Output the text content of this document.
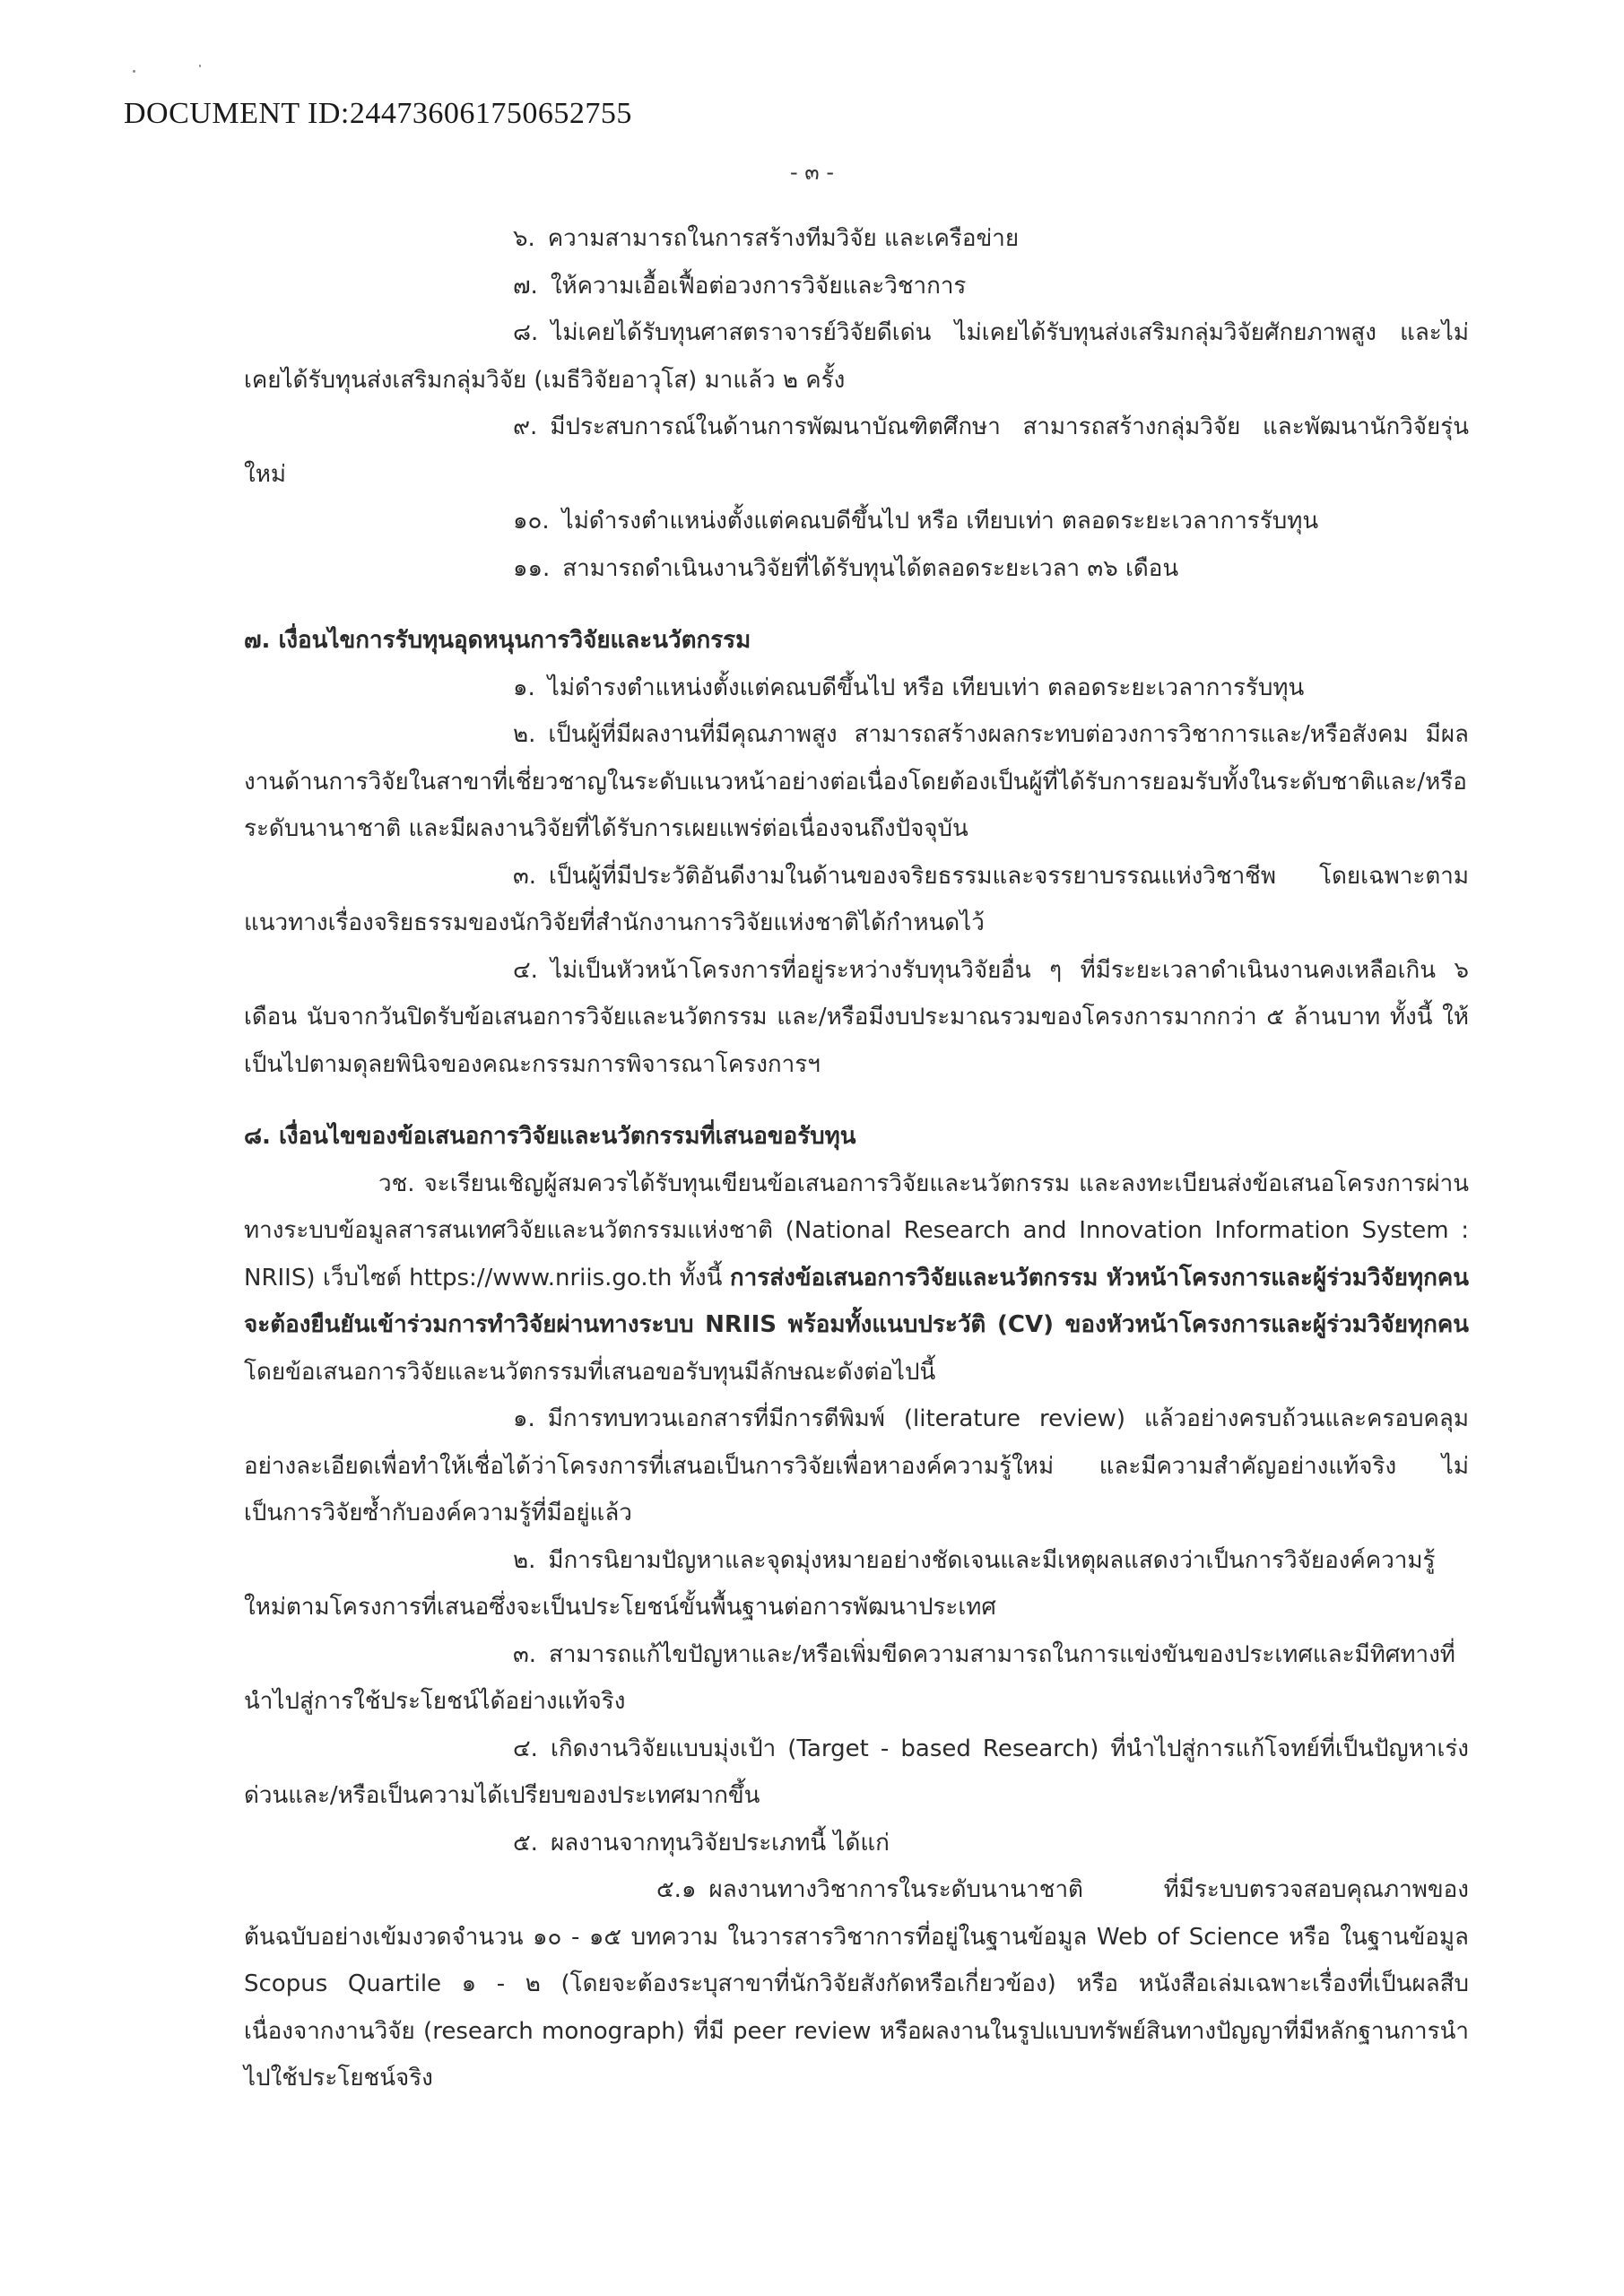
DOCUMENT ID:244736061750652755
- ๓ -

๖. ความสามารถในการสร้างทีมวิจัย และเครือข่าย

๗. ให้ความเอื้อเฟื้อต่อวงการวิจัยและวิชาการ

๘. ไม่เคยได้รับทุนศาสตราจารย์วิจัยดีเด่น ไม่เคยได้รับทุนส่งเสริมกลุ่มวิจัยศักยภาพสูง และไม่เคยได้รับทุนส่งเสริมกลุ่มวิจัย (เมธีวิจัยอาวุโส) มาแล้ว ๒ ครั้ง

๙. มีประสบการณ์ในด้านการพัฒนาบัณฑิตศึกษา สามารถสร้างกลุ่มวิจัย และพัฒนานักวิจัยรุ่นใหม่

๑๐. ไม่ดำรงตำแหน่งตั้งแต่คณบดีขึ้นไป หรือ เทียบเท่า ตลอดระยะเวลาการรับทุน

๑๑. สามารถดำเนินงานวิจัยที่ได้รับทุนได้ตลอดระยะเวลา ๓๖ เดือน

๗. เงื่อนไขการรับทุนอุดหนุนการวิจัยและนวัตกรรม

๑. ไม่ดำรงตำแหน่งตั้งแต่คณบดีขึ้นไป หรือ เทียบเท่า ตลอดระยะเวลาการรับทุน

๒. เป็นผู้ที่มีผลงานที่มีคุณภาพสูง สามารถสร้างผลกระทบต่อวงการวิชาการและ/หรือสังคม มีผลงานด้านการวิจัยในสาขาที่เชี่ยวชาญในระดับแนวหน้าอย่างต่อเนื่องโดยต้องเป็นผู้ที่ได้รับการยอมรับทั้งในระดับชาติและ/หรือระดับนานาชาติ และมีผลงานวิจัยที่ได้รับการเผยแพร่ต่อเนื่องจนถึงปัจจุบัน

๓. เป็นผู้ที่มีประวัติอันดีงามในด้านของจริยธรรมและจรรยาบรรณแห่งวิชาชีพ โดยเฉพาะตามแนวทางเรื่องจริยธรรมของนักวิจัยที่สำนักงานการวิจัยแห่งชาติได้กำหนดไว้

๔. ไม่เป็นหัวหน้าโครงการที่อยู่ระหว่างรับทุนวิจัยอื่น ๆ ที่มีระยะเวลาดำเนินงานคงเหลือเกิน ๖ เดือน นับจากวันปิดรับข้อเสนอการวิจัยและนวัตกรรม และ/หรือมีงบประมาณรวมของโครงการมากกว่า ๕ ล้านบาท ทั้งนี้ ให้เป็นไปตามดุลยพินิจของคณะกรรมการพิจารณาโครงการฯ

๘. เงื่อนไขของข้อเสนอการวิจัยและนวัตกรรมที่เสนอขอรับทุน

วช. จะเรียนเชิญผู้สมควรได้รับทุนเขียนข้อเสนอการวิจัยและนวัตกรรม และลงทะเบียนส่งข้อเสนอโครงการผ่านทางระบบข้อมูลสารสนเทศวิจัยและนวัตกรรมแห่งชาติ (National Research and Innovation Information System : NRIIS) เว็บไซต์ https://www.nriis.go.th ทั้งนี้ การส่งข้อเสนอการวิจัยและนวัตกรรม หัวหน้าโครงการและผู้ร่วมวิจัยทุกคน จะต้องยืนยันเข้าร่วมการทำวิจัยผ่านทางระบบ NRIIS พร้อมทั้งแนบประวัติ (CV) ของหัวหน้าโครงการและผู้ร่วมวิจัยทุกคน โดยข้อเสนอการวิจัยและนวัตกรรมที่เสนอขอรับทุนมีลักษณะดังต่อไปนี้

๑. มีการทบทวนเอกสารที่มีการตีพิมพ์ (literature review) แล้วอย่างครบถ้วนและครอบคลุมอย่างละเอียดเพื่อทำให้เชื่อได้ว่าโครงการที่เสนอเป็นการวิจัยเพื่อหาองค์ความรู้ใหม่ และมีความสำคัญอย่างแท้จริง ไม่เป็นการวิจัยซ้ำกับองค์ความรู้ที่มีอยู่แล้ว

๒. มีการนิยามปัญหาและจุดมุ่งหมายอย่างชัดเจนและมีเหตุผลแสดงว่าเป็นการวิจัยองค์ความรู้ใหม่ตามโครงการที่เสนอซึ่งจะเป็นประโยชน์ขั้นพื้นฐานต่อการพัฒนาประเทศ

๓. สามารถแก้ไขปัญหาและ/หรือเพิ่มขีดความสามารถในการแข่งขันของประเทศและมีทิศทางที่นำไปสู่การใช้ประโยชน์ได้อย่างแท้จริง

๔. เกิดงานวิจัยแบบมุ่งเป้า (Target - based Research) ที่นำไปสู่การแก้โจทย์ที่เป็นปัญหาเร่งด่วนและ/หรือเป็นความได้เปรียบของประเทศมากขึ้น

๕. ผลงานจากทุนวิจัยประเภทนี้ ได้แก่

๕.๑ ผลงานทางวิชาการในระดับนานาชาติ ที่มีระบบตรวจสอบคุณภาพของต้นฉบับอย่างเข้มงวดจำนวน ๑๐ - ๑๕ บทความ ในวารสารวิชาการที่อยู่ในฐานข้อมูล Web of Science หรือ ในฐานข้อมูล Scopus Quartile ๑ - ๒ (โดยจะต้องระบุสาขาที่นักวิจัยสังกัดหรือเกี่ยวข้อง) หรือ หนังสือเล่มเฉพาะเรื่องที่เป็นผลสืบเนื่องจากงานวิจัย (research monograph) ที่มี peer review หรือผลงานในรูปแบบทรัพย์สินทางปัญญาที่มีหลักฐานการนำไปใช้ประโยชน์จริง
